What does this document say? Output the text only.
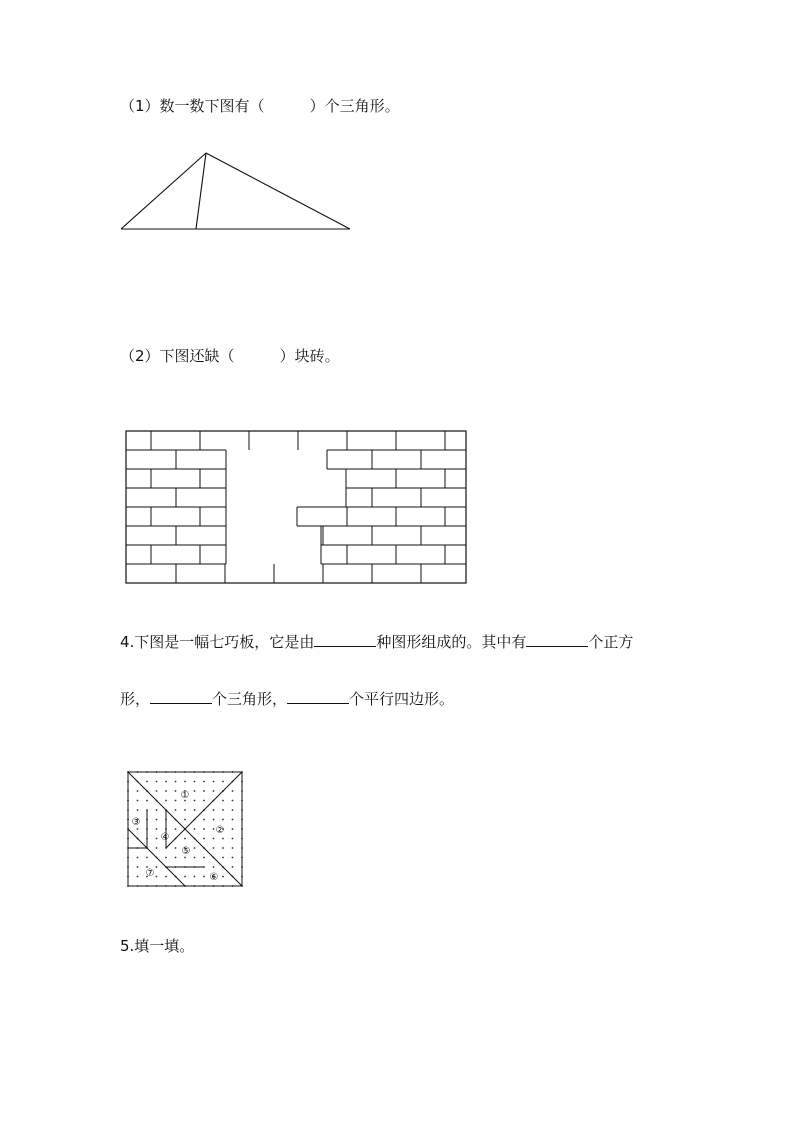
（1）数一数下图有（　　　	）个三角形。
（2）下图还缺（　　　	）块砖。
4.下图是一幅七巧板，它是由	种图形组成的。其中有	个正方
形，	个三角形，	个平行四边形。
①
②
③
④
⑤
⑥
⑦
5.填一填。
